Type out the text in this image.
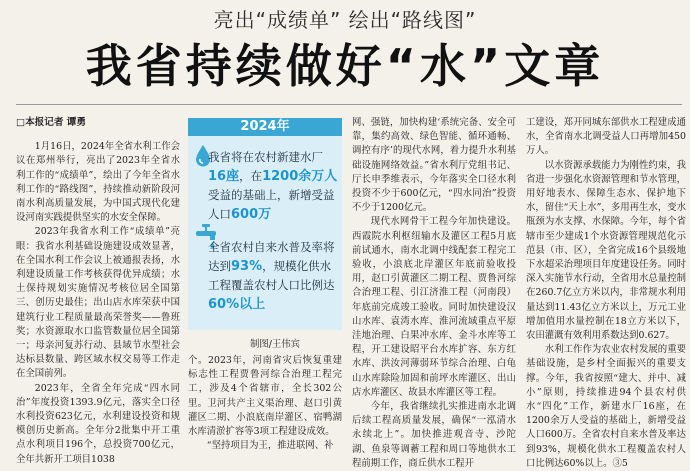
亮出“成绩单” 绘出“路线图”
我省持续做好“水”文章
□本报记者 谭勇

1月16日，2024年全省水利工作会议在郑州举行，亮出了2023年全省水利工作的“成绩单”，绘出了今年全省水利工作的“路线图”，持续推动新阶段河南水利高质量发展，为中国式现代化建设河南实践提供坚实的水安全保障。

2023年我省水利工作“成绩单”亮眼：我省水利基础设施建设成效显著，在全国水利工作会议上被通报表扬，水利建设质量工作考核获得优异成绩；水土保持规划实施情况考核位居全国第三、创历史最佳；出山店水库荣获中国建筑行业工程质量最高荣誉奖——鲁班奖；水资源取水口监管数量位居全国第一；母亲河复苏行动、县域节水型社会达标县数量、跨区域水权交易等工作走在全国前列。

2023年，全省全年完成“四水同治”年度投资1393.9亿元，落实全口径水利投资623亿元，水利建设投资和规模创历史新高。全年分2批集中开工重点水利项目196个，总投资700亿元，全年共新开工项目1038

2024年
我省将在农村新建水厂16座，在1200余万人受益的基础上，新增受益人口600万
全省农村自来水普及率将达到93%，规模化供水工程覆盖农村人口比例达60%以上
制图/王伟宾

个。2023年，河南省灾后恢复重建标志性工程贾鲁河综合治理工程完工，涉及4个省辖市，全长302公里。卫河共产主义渠治理、赵口引黄灌区二期、小浪底南岸灌区、宿鸭湖水库清淤扩容等3项工程建设成效。

“坚持项目为王，推进联网、补

网、强链，加快构建‘系统完备、安全可靠，集约高效、绿色智能、循环通畅、调控有序’的现代水网，着力提升水利基础设施网络效益。”省水利厅党组书记、厅长申季维表示，今年落实全口径水利投资不少于600亿元，“四水同治”投资不少于1200亿元。

现代水网骨干工程今年加快建设。西霞院水利枢纽输水及灌区工程5月底前试通水，南水北调中线配套工程完工验收，小浪底北岸灌区年底前验收投用，赵口引黄灌区二期工程、贾鲁河综合治理工程、引江济淮工程（河南段）年底前完成竣工验收。同时加快建设汉山水库、袁湾水库、淮河流域重点平原洼地治理、白果冲水库、金斗水库等工程，开工建设昭平台水库扩容、东方红水库、洪汝河薄弱环节综合治理、白龟山水库除险加固和前坪水库灌区、出山店水库灌区、故县水库灌区等工程。

今年，我省继续扎实推进南水北调后续工程高质量发展，确保“一泓清水永续北上”。加快推进观音寺、沙陀湖、鱼泉等调蓄工程和周口等地供水工程前期工作，商丘供水工程开

工建设，郑开同城东部供水工程建成通水，全省南水北调受益人口再增加450万人。

以水资源承载能力为刚性约束，我省进一步强化水资源管理和节水管理，用好地表水、保障生态水、保护地下水，留住“天上水”，多用再生水，变水瓶颈为水支撑、水保障。今年，每个省辖市至少建成1个水资源管理规范化示范县（市、区），全省完成16个县级地下水超采治理项目年度建设任务。同时深入实施节水行动，全省用水总量控制在260.7亿立方米以内，非常规水利用量达到11.43亿立方米以上，万元工业增加值用水量控制在18立方米以下，农田灌溉有效利用系数达到0.627。

水利工作作为农业农村发展的重要基础设施，是乡村全面振兴的重要支撑。今年，我省按照“建大、并中、减小”原则，持续推进94个县农村供水“四化”工作，新建水厂16座，在1200余万人受益的基础上，新增受益人口600万。全省农村自来水普及率达到93%，规模化供水工程覆盖农村人口比例达60%以上。③5
